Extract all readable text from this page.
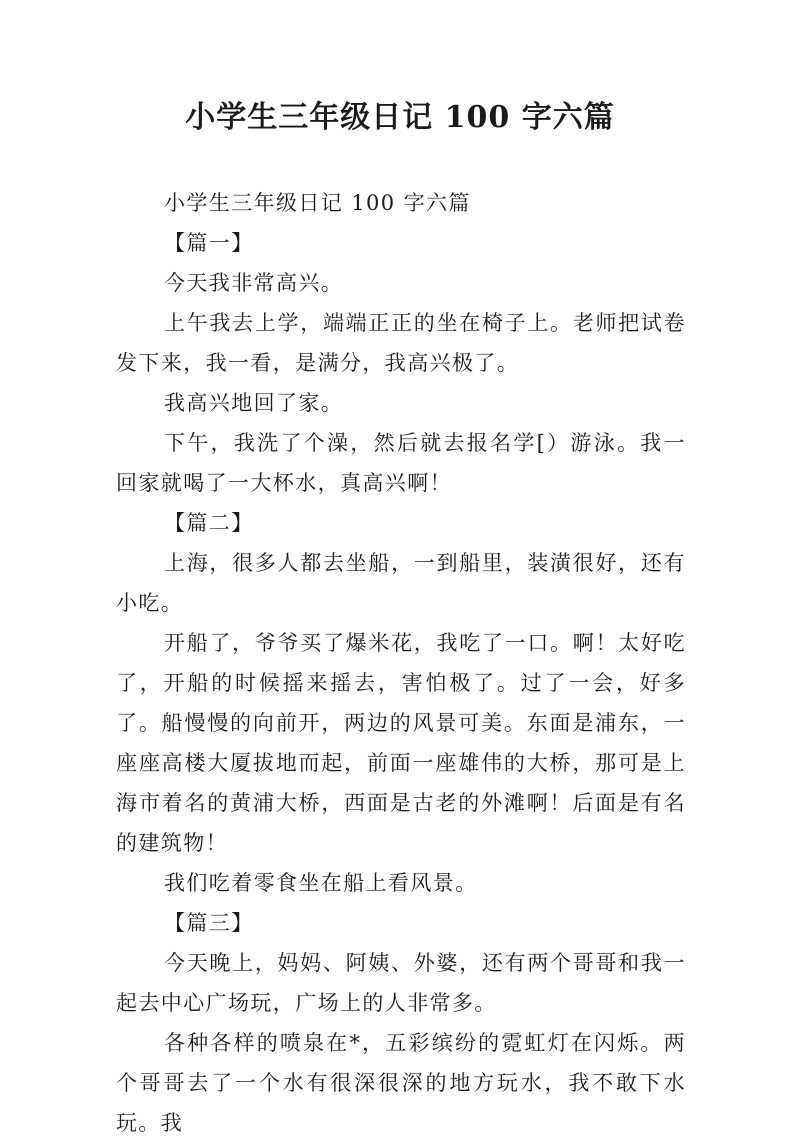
小学生三年级日记 100 字六篇

小学生三年级日记 100 字六篇

【篇一】

今天我非常高兴。

上午我去上学，端端正正的坐在椅子上。老师把试卷发下来，我一看，是满分，我高兴极了。

我高兴地回了家。

下午，我洗了个澡，然后就去报名学[）游泳。我一回家就喝了一大杯水，真高兴啊！

【篇二】

上海，很多人都去坐船，一到船里，装潢很好，还有小吃。

开船了，爷爷买了爆米花，我吃了一口。啊！太好吃了，开船的时候摇来摇去，害怕极了。过了一会，好多了。船慢慢的向前开，两边的风景可美。东面是浦东，一座座高楼大厦拔地而起，前面一座雄伟的大桥，那可是上海市着名的黄浦大桥，西面是古老的外滩啊！后面是有名的建筑物！

我们吃着零食坐在船上看风景。

【篇三】

今天晚上，妈妈、阿姨、外婆，还有两个哥哥和我一起去中心广场玩，广场上的人非常多。

各种各样的喷泉在*，五彩缤纷的霓虹灯在闪烁。两个哥哥去了一个水有很深很深的地方玩水，我不敢下水玩。我
